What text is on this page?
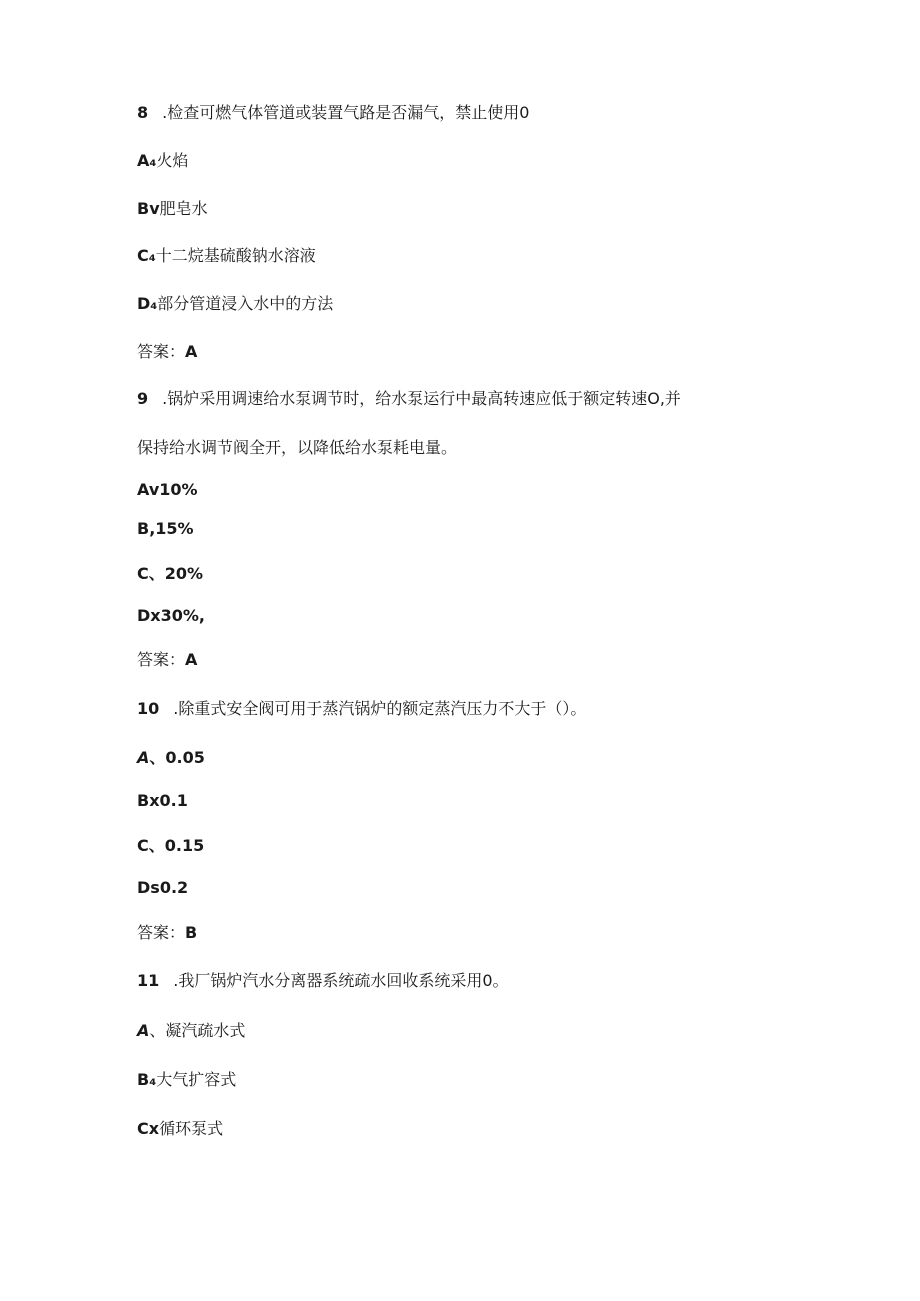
8 .检查可燃气体管道或装置气路是否漏气，禁止使用0
A₄火焰
Bv肥皂水
C₄十二烷基硫酸钠水溶液
D₄部分管道浸入水中的方法
答案：A
9 .锅炉采用调速给水泵调节时，给水泵运行中最高转速应低于额定转速O,并
保持给水调节阀全开，以降低给水泵耗电量。
Av10%
B,15%
C、20%
Dx30%,
答案：A
10 .除重式安全阀可用于蒸汽锅炉的额定蒸汽压力不大于（）。
A、0.05
Bx0.1
C、0.15
Ds0.2
答案：B
11 .我厂锅炉汽水分离器系统疏水回收系统采用0。
A、凝汽疏水式
B₄大气扩容式
Cx循环泵式
